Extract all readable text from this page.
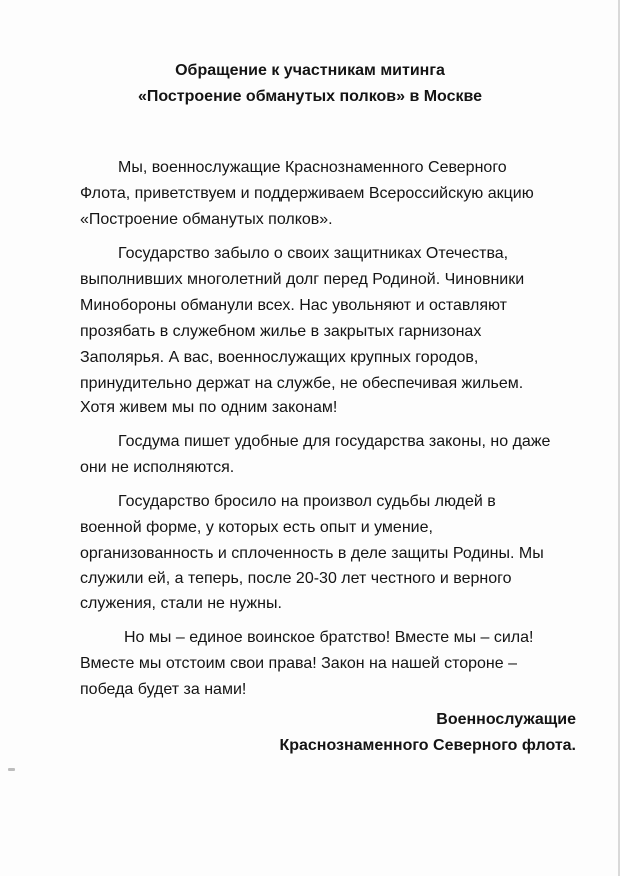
Обращение к участникам митинга
«Построение обманутых полков» в Москве
Мы, военнослужащие Краснознаменного Северного
Флота, приветствуем и поддерживаем Всероссийскую акцию
«Построение обманутых полков».
Государство забыло о своих защитниках Отечества,
выполнивших многолетний долг перед Родиной. Чиновники
Минобороны обманули всех. Нас увольняют и оставляют
прозябать в служебном жилье в закрытых гарнизонах
Заполярья. А вас, военнослужащих крупных городов,
принудительно держат на службе, не обеспечивая жильем.
Хотя живем мы по одним законам!
Госдума пишет удобные для государства законы, но даже
они не исполняются.
Государство бросило на произвол судьбы людей в
военной форме, у которых есть опыт и умение,
организованность и сплоченность в деле защиты Родины. Мы
служили ей, а теперь, после 20-30 лет честного и верного
служения, стали не нужны.
Но мы – единое воинское братство! Вместе мы – сила!
Вместе мы отстоим свои права! Закон на нашей стороне –
победа будет за нами!
Военнослужащие
Краснознаменного Северного флота.
